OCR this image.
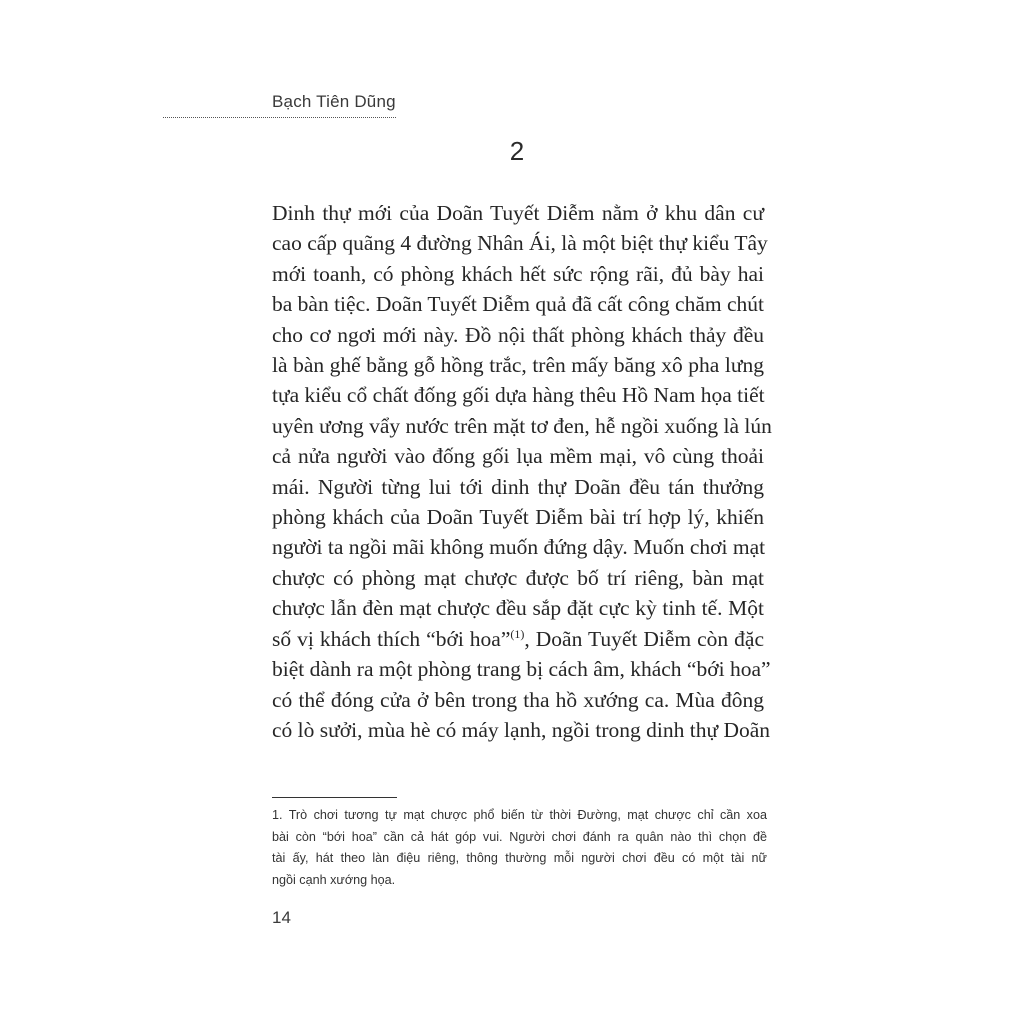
Bạch Tiên Dũng
2
Dinh thự mới của Doãn Tuyết Diễm nằm ở khu dân cư
cao cấp quãng 4 đường Nhân Ái, là một biệt thự kiểu Tây
mới toanh, có phòng khách hết sức rộng rãi, đủ bày hai
ba bàn tiệc. Doãn Tuyết Diễm quả đã cất công chăm chút
cho cơ ngơi mới này. Đồ nội thất phòng khách thảy đều
là bàn ghế bằng gỗ hồng trắc, trên mấy băng xô pha lưng
tựa kiểu cổ chất đống gối dựa hàng thêu Hồ Nam họa tiết
uyên ương vẩy nước trên mặt tơ đen, hễ ngồi xuống là lún
cả nửa người vào đống gối lụa mềm mại, vô cùng thoải
mái. Người từng lui tới dinh thự Doãn đều tán thưởng
phòng khách của Doãn Tuyết Diễm bài trí hợp lý, khiến
người ta ngồi mãi không muốn đứng dậy. Muốn chơi mạt
chược có phòng mạt chược được bố trí riêng, bàn mạt
chược lẫn đèn mạt chược đều sắp đặt cực kỳ tinh tế. Một
số vị khách thích “bới hoa”$^{(1)}$, Doãn Tuyết Diễm còn đặc
biệt dành ra một phòng trang bị cách âm, khách “bới hoa”
có thể đóng cửa ở bên trong tha hồ xướng ca. Mùa đông
có lò sưởi, mùa hè có máy lạnh, ngồi trong dinh thự Doãn
1. Trò chơi tương tự mạt chược phổ biến từ thời Đường, mạt chược chỉ cần xoa
bài còn “bới hoa” cần cả hát góp vui. Người chơi đánh ra quân nào thì chọn đề
tài ấy, hát theo làn điệu riêng, thông thường mỗi người chơi đều có một tài nữ
ngồi cạnh xướng họa.
14
